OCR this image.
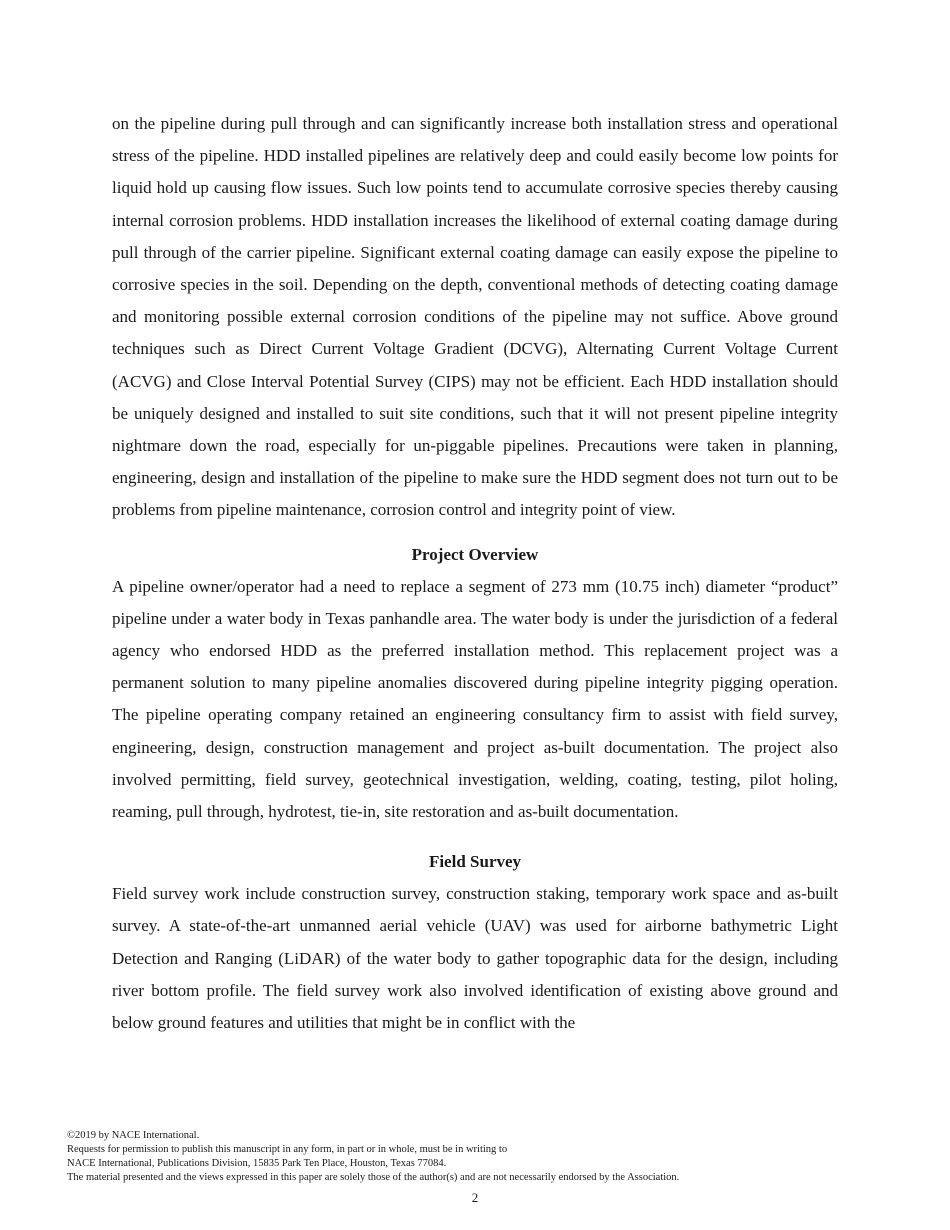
on the pipeline during pull through and can significantly increase both installation stress and operational stress of the pipeline. HDD installed pipelines are relatively deep and could easily become low points for liquid hold up causing flow issues. Such low points tend to accumulate corrosive species thereby causing internal corrosion problems. HDD installation increases the likelihood of external coating damage during pull through of the carrier pipeline. Significant external coating damage can easily expose the pipeline to corrosive species in the soil. Depending on the depth, conventional methods of detecting coating damage and monitoring possible external corrosion conditions of the pipeline may not suffice. Above ground techniques such as Direct Current Voltage Gradient (DCVG), Alternating Current Voltage Current (ACVG) and Close Interval Potential Survey (CIPS) may not be efficient. Each HDD installation should be uniquely designed and installed to suit site conditions, such that it will not present pipeline integrity nightmare down the road, especially for un-piggable pipelines. Precautions were taken in planning, engineering, design and installation of the pipeline to make sure the HDD segment does not turn out to be problems from pipeline maintenance, corrosion control and integrity point of view.

Project Overview

A pipeline owner/operator had a need to replace a segment of 273 mm (10.75 inch) diameter “product” pipeline under a water body in Texas panhandle area. The water body is under the jurisdiction of a federal agency who endorsed HDD as the preferred installation method. This replacement project was a permanent solution to many pipeline anomalies discovered during pipeline integrity pigging operation. The pipeline operating company retained an engineering consultancy firm to assist with field survey, engineering, design, construction management and project as-built documentation. The project also involved permitting, field survey, geotechnical investigation, welding, coating, testing, pilot holing, reaming, pull through, hydrotest, tie-in, site restoration and as-built documentation.

Field Survey

Field survey work include construction survey, construction staking, temporary work space and as-built survey. A state-of-the-art unmanned aerial vehicle (UAV) was used for airborne bathymetric Light Detection and Ranging (LiDAR) of the water body to gather topographic data for the design, including river bottom profile. The field survey work also involved identification of existing above ground and below ground features and utilities that might be in conflict with the

©2019 by NACE International.
Requests for permission to publish this manuscript in any form, in part or in whole, must be in writing to
NACE International, Publications Division, 15835 Park Ten Place, Houston, Texas 77084.
The material presented and the views expressed in this paper are solely those of the author(s) and are not necessarily endorsed by the Association.
2
